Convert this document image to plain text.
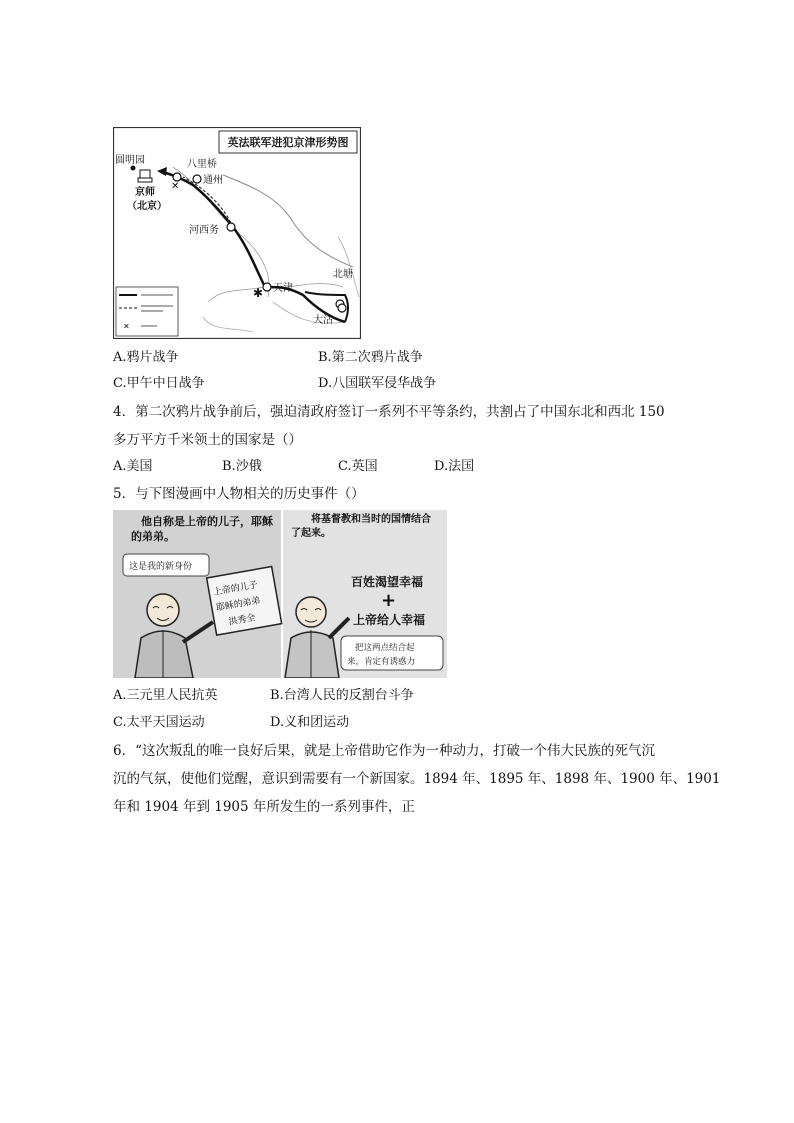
英法联军进犯京津形势图
✕
✱
圆明园	八里桥
通州
京师
（北京）
河西务
天津
北塘
大沽
✕
A.鸦片战争	B.第二次鸦片战争
C.甲午中日战争	D.八国联军侵华战争
4．第二次鸦片战争前后，强迫清政府签订一系列不平等条约，共割占了中国东北和西北 150
多万平方千米领土的国家是（）
A.美国	B.沙俄	C.英国	D.法国
5．与下图漫画中人物相关的历史事件（）
他自称是上帝的儿子，耶稣
的弟弟。
将基督教和当时的国情结合
了起来。
这是我的新身份
上帝的儿子
耶稣的弟弟
洪秀全
百姓渴望幸福
+
上帝给人幸福
把这两点结合起
来，肯定有诱惑力
A.三元里人民抗英	B.台湾人民的反割台斗争
C.太平天国运动	D.义和团运动
6．“这次叛乱的唯一良好后果，就是上帝借助它作为一种动力，打破一个伟大民族的死气沉
沉的气氛，使他们觉醒，意识到需要有一个新国家。1894 年、1895 年、1898 年、1900 年、1901
年和 1904 年到 1905 年所发生的一系列事件，正
